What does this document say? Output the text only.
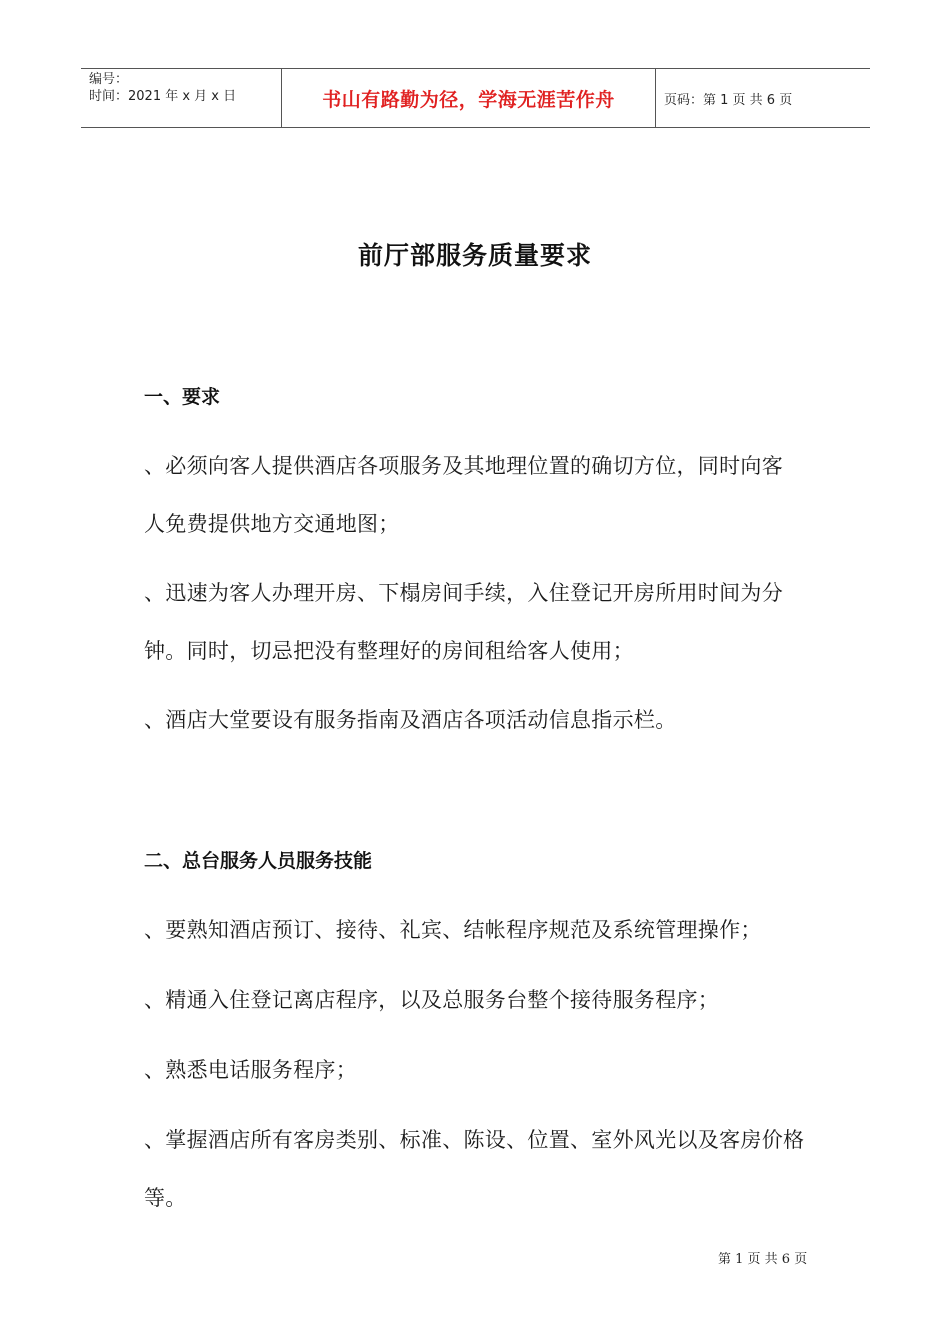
编号：
时间：2021 年 x 月 x 日	书山有路勤为径，学海无涯苦作舟	页码：第 1 页 共 6 页
前厅部服务质量要求
一、要求
、必须向客人提供酒店各项服务及其地理位置的确切方位，同时向客
人免费提供地方交通地图；
、迅速为客人办理开房、下榻房间手续，入住登记开房所用时间为分
钟。同时，切忌把没有整理好的房间租给客人使用；
、酒店大堂要设有服务指南及酒店各项活动信息指示栏。
二、总台服务人员服务技能
、要熟知酒店预订、接待、礼宾、结帐程序规范及系统管理操作；
、精通入住登记离店程序，以及总服务台整个接待服务程序；
、熟悉电话服务程序；
、掌握酒店所有客房类别、标准、陈设、位置、室外风光以及客房价格
等。
第 1 页 共 6 页
